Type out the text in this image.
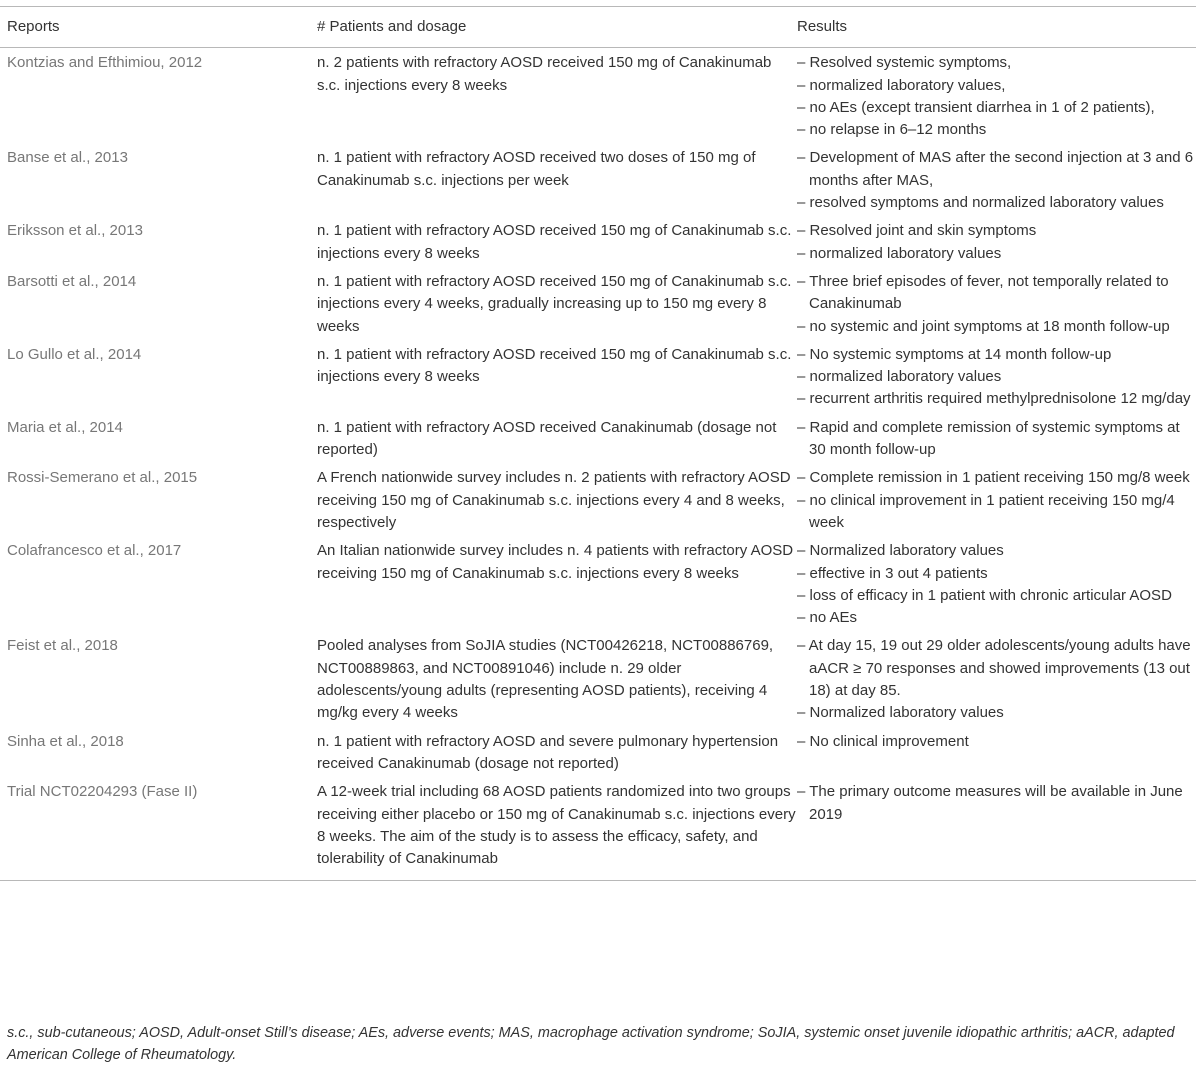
Reports	# Patients and dosage	Results
Kontzias and Efthimiou, 2012	n. 2 patients with refractory AOSD received 150 mg of Canakinumab s.c. injections every 8 weeks	– Resolved systemic symptoms,
– normalized laboratory values,
– no AEs (except transient diarrhea in 1 of 2 patients),
– no relapse in 6–12 months

Banse et al., 2013	n. 1 patient with refractory AOSD received two doses of 150 mg of Canakinumab s.c. injections per week	– Development of MAS after the second injection at 3 and 6 months after MAS,
– resolved symptoms and normalized laboratory values

Eriksson et al., 2013	n. 1 patient with refractory AOSD received 150 mg of Canakinumab s.c. injections every 8 weeks	– Resolved joint and skin symptoms
– normalized laboratory values

Barsotti et al., 2014	n. 1 patient with refractory AOSD received 150 mg of Canakinumab s.c. injections every 4 weeks, gradually increasing up to 150 mg every 8 weeks	– Three brief episodes of fever, not temporally related to Canakinumab
– no systemic and joint symptoms at 18 month follow-up

Lo Gullo et al., 2014	n. 1 patient with refractory AOSD received 150 mg of Canakinumab s.c. injections every 8 weeks	– No systemic symptoms at 14 month follow-up
– normalized laboratory values
– recurrent arthritis required methylprednisolone 12 mg/day

Maria et al., 2014	n. 1 patient with refractory AOSD received Canakinumab (dosage not reported)	– Rapid and complete remission of systemic symptoms at 30 month follow-up

Rossi-Semerano et al., 2015	A French nationwide survey includes n. 2 patients with refractory AOSD receiving 150 mg of Canakinumab s.c. injections every 4 and 8 weeks, respectively	– Complete remission in 1 patient receiving 150 mg/8 week
– no clinical improvement in 1 patient receiving 150 mg/4 week

Colafrancesco et al., 2017	An Italian nationwide survey includes n. 4 patients with refractory AOSD receiving 150 mg of Canakinumab s.c. injections every 8 weeks	– Normalized laboratory values
– effective in 3 out 4 patients
– loss of efficacy in 1 patient with chronic articular AOSD
– no AEs

Feist et al., 2018	Pooled analyses from SoJIA studies (NCT00426218, NCT00886769, NCT00889863, and NCT00891046) include n. 29 older adolescents/young adults (representing AOSD patients), receiving 4 mg/kg every 4 weeks	– At day 15, 19 out 29 older adolescents/young adults have aACR ≥ 70 responses and showed improvements (13 out 18) at day 85.
– Normalized laboratory values

Sinha et al., 2018	n. 1 patient with refractory AOSD and severe pulmonary hypertension received Canakinumab (dosage not reported)	– No clinical improvement

Trial NCT02204293 (Fase II)	A 12-week trial including 68 AOSD patients randomized into two groups receiving either placebo or 150 mg of Canakinumab s.c. injections every 8 weeks. The aim of the study is to assess the efficacy, safety, and tolerability of Canakinumab	– The primary outcome measures will be available in June 2019
s.c., sub-cutaneous; AOSD, Adult-onset Still’s disease; AEs, adverse events; MAS, macrophage activation syndrome; SoJIA, systemic onset juvenile idiopathic arthritis; aACR, adapted American College of Rheumatology.
